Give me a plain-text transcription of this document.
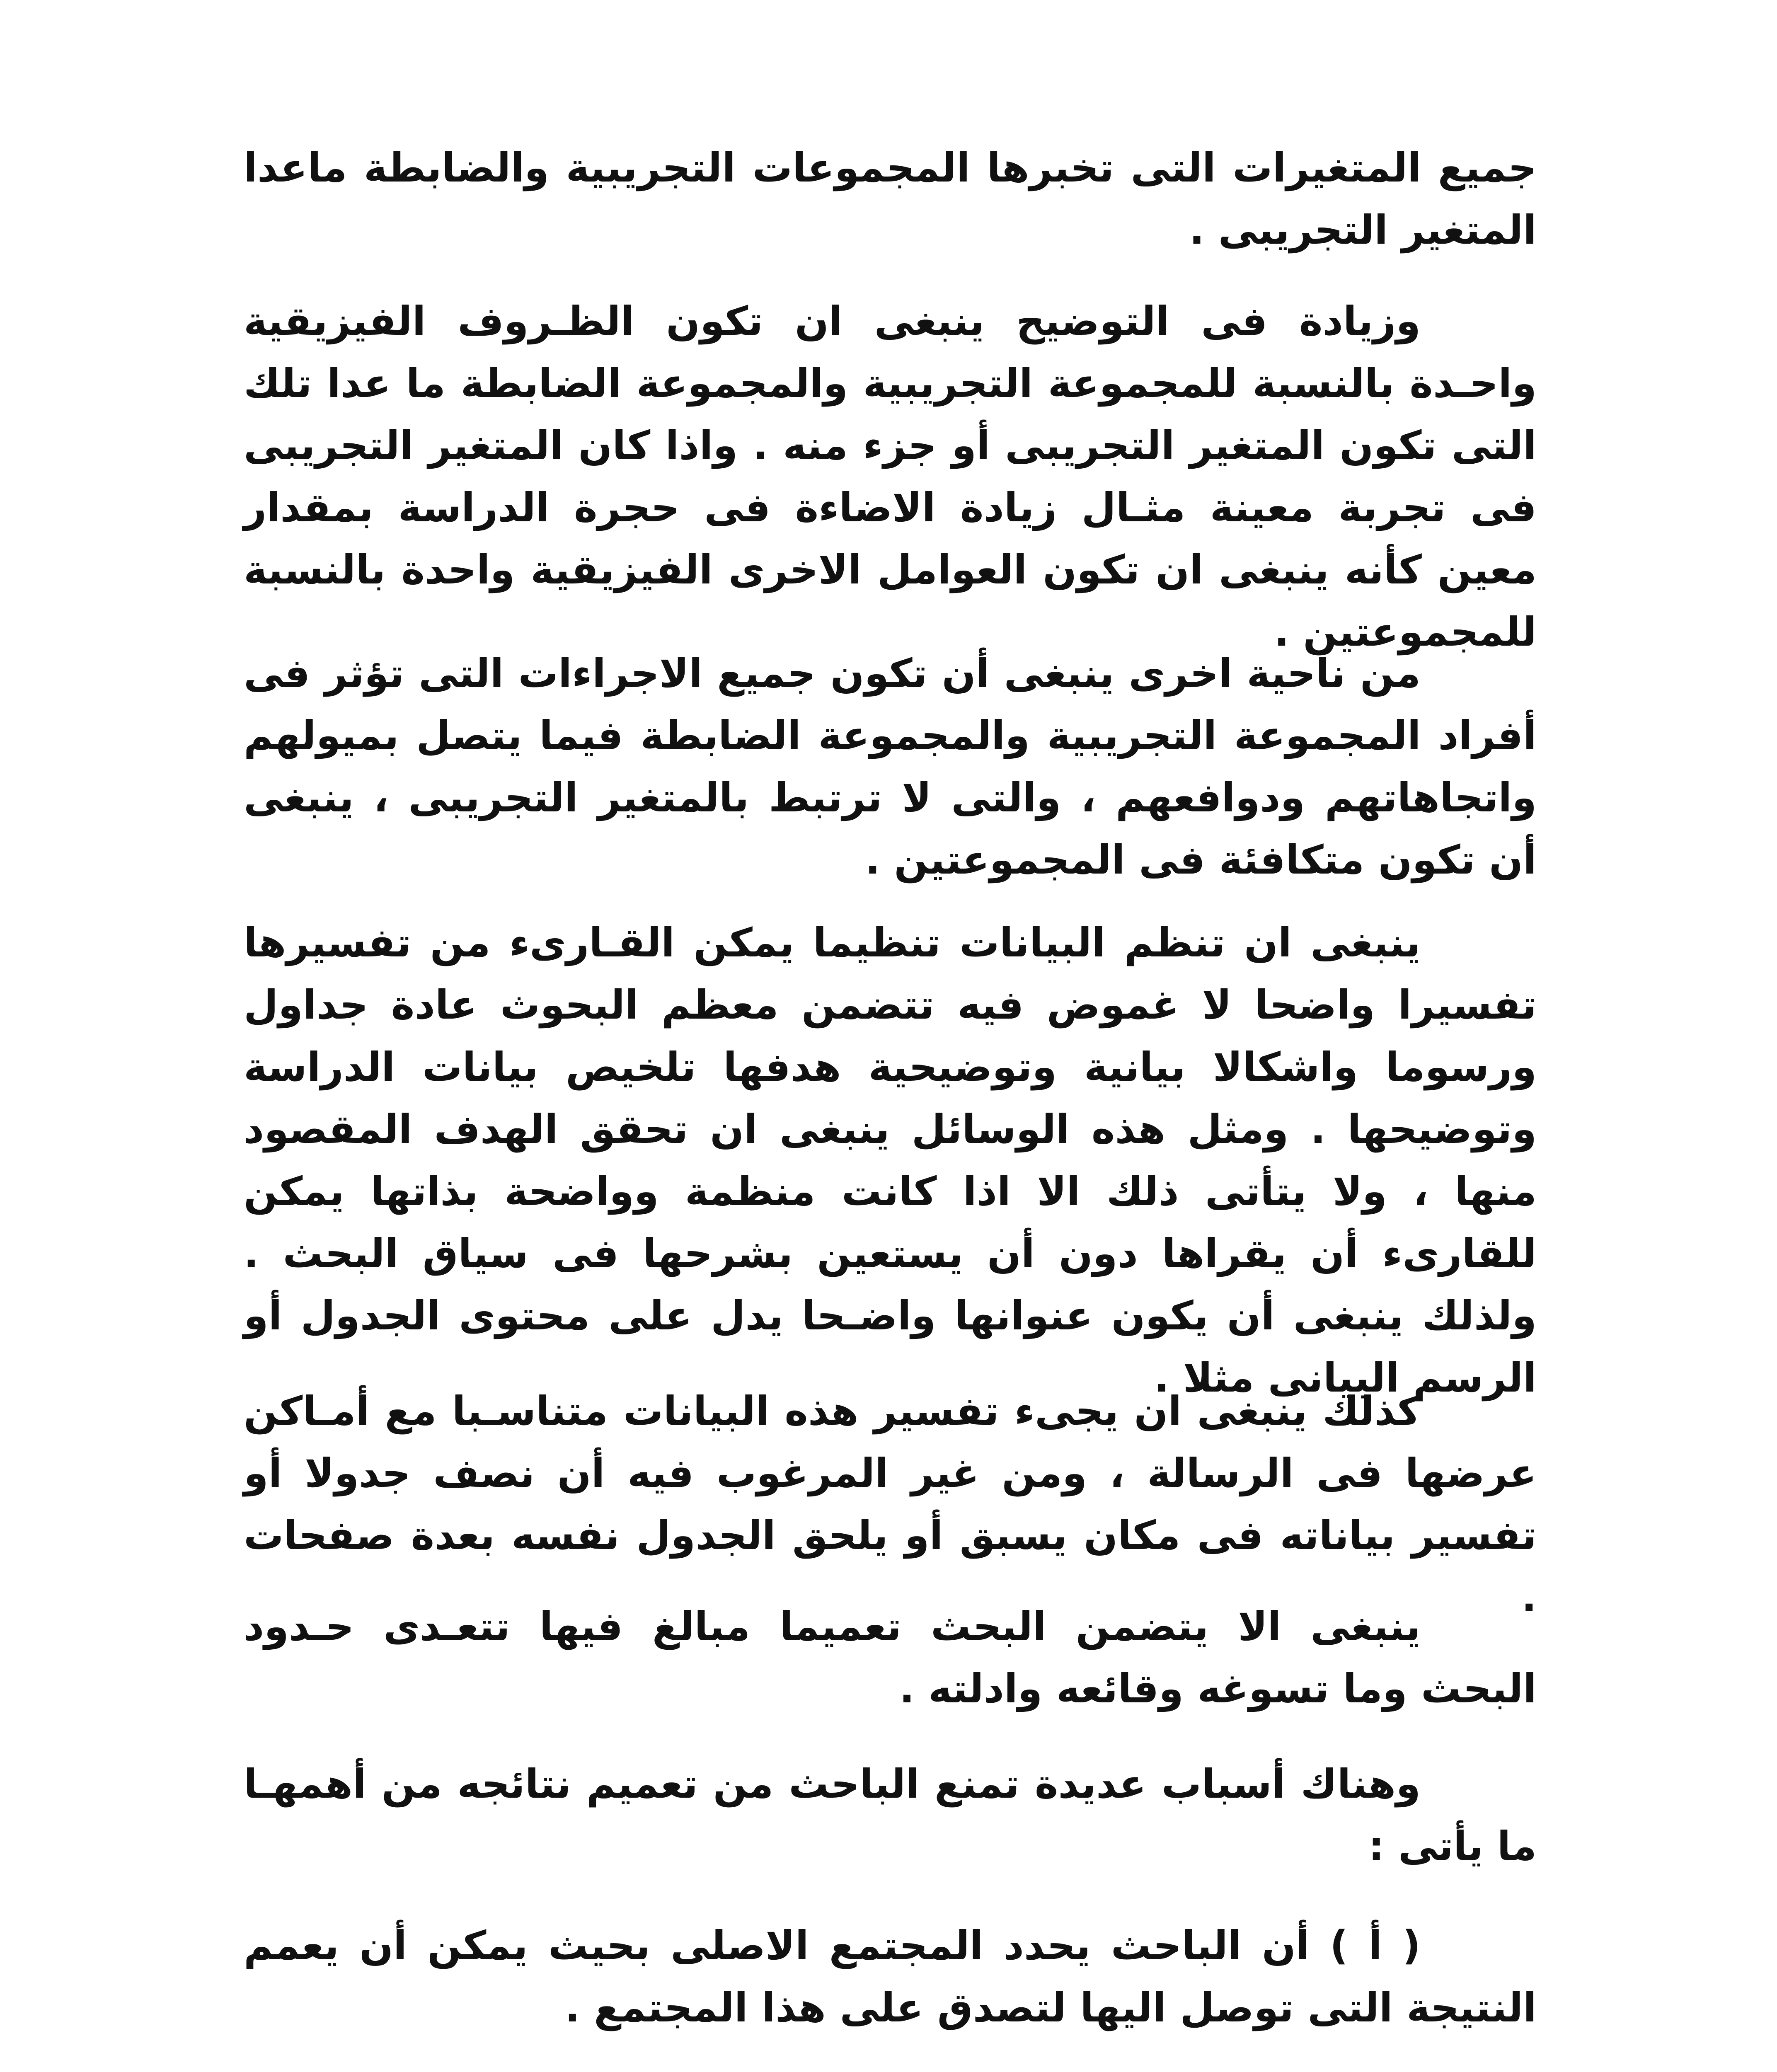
جميع المتغيرات التى تخبرها المجموعات التجريبية والضابطة ماعدا المتغير التجريبى .
وزيادة فى التوضيح ينبغى ان تكون الظـروف الفيزيقية واحـدة بالنسبة للمجموعة التجريبية والمجموعة الضابطة ما عدا تلك التى تكون المتغير التجريبى أو جزء منه . واذا كان المتغير التجريبى فى تجربة معينة مثـال زيادة الاضاءة فى حجرة الدراسة بمقدار معين كأنه ينبغى ان تكون العوامل الاخرى الفيزيقية واحدة بالنسبة للمجموعتين .
من ناحية اخرى ينبغى أن تكون جميع الاجراءات التى تؤثر فى أفراد المجموعة التجريبية والمجموعة الضابطة فيما يتصل بميولهم واتجاهاتهم ودوافعهم ، والتى لا ترتبط بالمتغير التجريبى ، ينبغى أن تكون متكافئة فى المجموعتين .
ينبغى ان تنظم البيانات تنظيما يمكن القـارىء من تفسيرها تفسيرا واضحا لا غموض فيه تتضمن معظم البحوث عادة جداول ورسوما واشكالا بيانية وتوضيحية هدفها تلخيص بيانات الدراسة وتوضيحها . ومثل هذه الوسائل ينبغى ان تحقق الهدف المقصود منها ، ولا يتأتى ذلك الا اذا كانت منظمة وواضحة بذاتها يمكن للقارىء أن يقراها دون أن يستعين بشرحها فى سياق البحث . ولذلك ينبغى أن يكون عنوانها واضـحا يدل على محتوى الجدول أو الرسم البيانى مثلا .
كذلك ينبغى ان يجىء تفسير هذه البيانات متناسـبا مع أمـاكن عرضها فى الرسالة ، ومن غير المرغوب فيه أن نصف جدولا أو تفسير بياناته فى مكان يسبق أو يلحق الجدول نفسه بعدة صفحات .
ينبغى الا يتضمن البحث تعميما مبالغ فيها تتعـدى حـدود البحث وما تسوغه وقائعه وادلته .
وهناك أسباب عديدة تمنع الباحث من تعميم نتائجه من أهمهـا ما يأتى :
( أ ) أن الباحث يحدد المجتمع الاصلى بحيث يمكن أن يعمم النتيجة التى توصل اليها لتصدق على هذا المجتمع .
